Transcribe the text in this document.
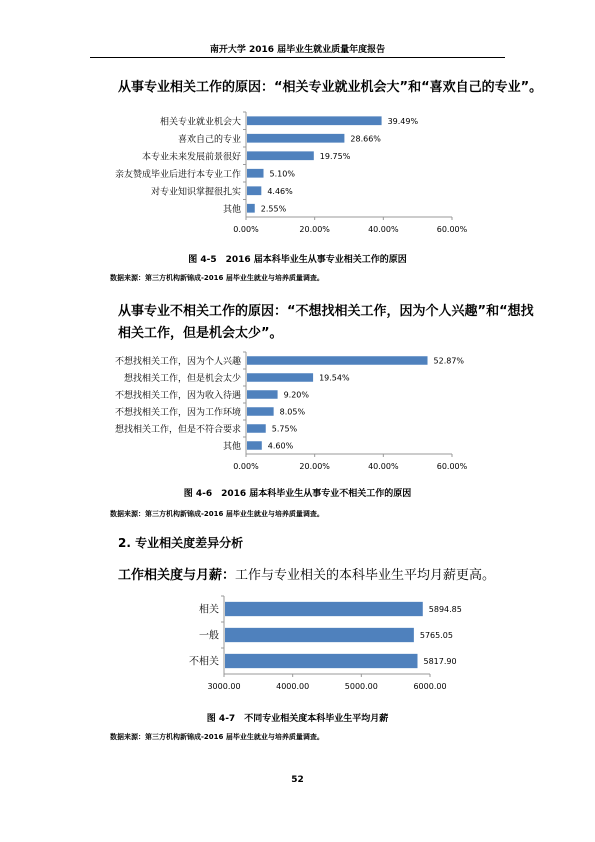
南开大学 2016 届毕业生就业质量年度报告
从事专业相关工作的原因：“相关专业就业机会大”和“喜欢自己的专业”。
相关专业就业机会大	39.49%
喜欢自己的专业	28.66%
本专业未来发展前景很好	19.75%
亲友赞成毕业后进行本专业工作	5.10%
对专业知识掌握很扎实	4.46%
其他 2.55%
0.00%	20.00%	40.00%	60.00%
图 4-5　2016 届本科毕业生从事专业相关工作的原因
数据来源：第三方机构新锦成-2016 届毕业生就业与培养质量调查。
从事专业不相关工作的原因：“不想找相关工作，因为个人兴趣”和“想找
相关工作，但是机会太少”。
不想找相关工作，因为个人兴趣	52.87%
想找相关工作，但是机会太少	19.54%
不想找相关工作，因为收入待遇	9.20%
不想找相关工作，因为工作环境	8.05%
想找相关工作，但是不符合要求	5.75%
其他	4.60%
0.00%	20.00%	40.00%	60.00%
图 4-6　2016 届本科毕业生从事专业不相关工作的原因
数据来源：第三方机构新锦成-2016 届毕业生就业与培养质量调查。
2. 专业相关度差异分析
工作相关度与月薪：工作与专业相关的本科毕业生平均月薪更高。
相关	5894.85
一般	5765.05
不相关	5817.90
3000.00	4000.00	5000.00	6000.00
图 4-7　不同专业相关度本科毕业生平均月薪
数据来源：第三方机构新锦成-2016 届毕业生就业与培养质量调查。
52
